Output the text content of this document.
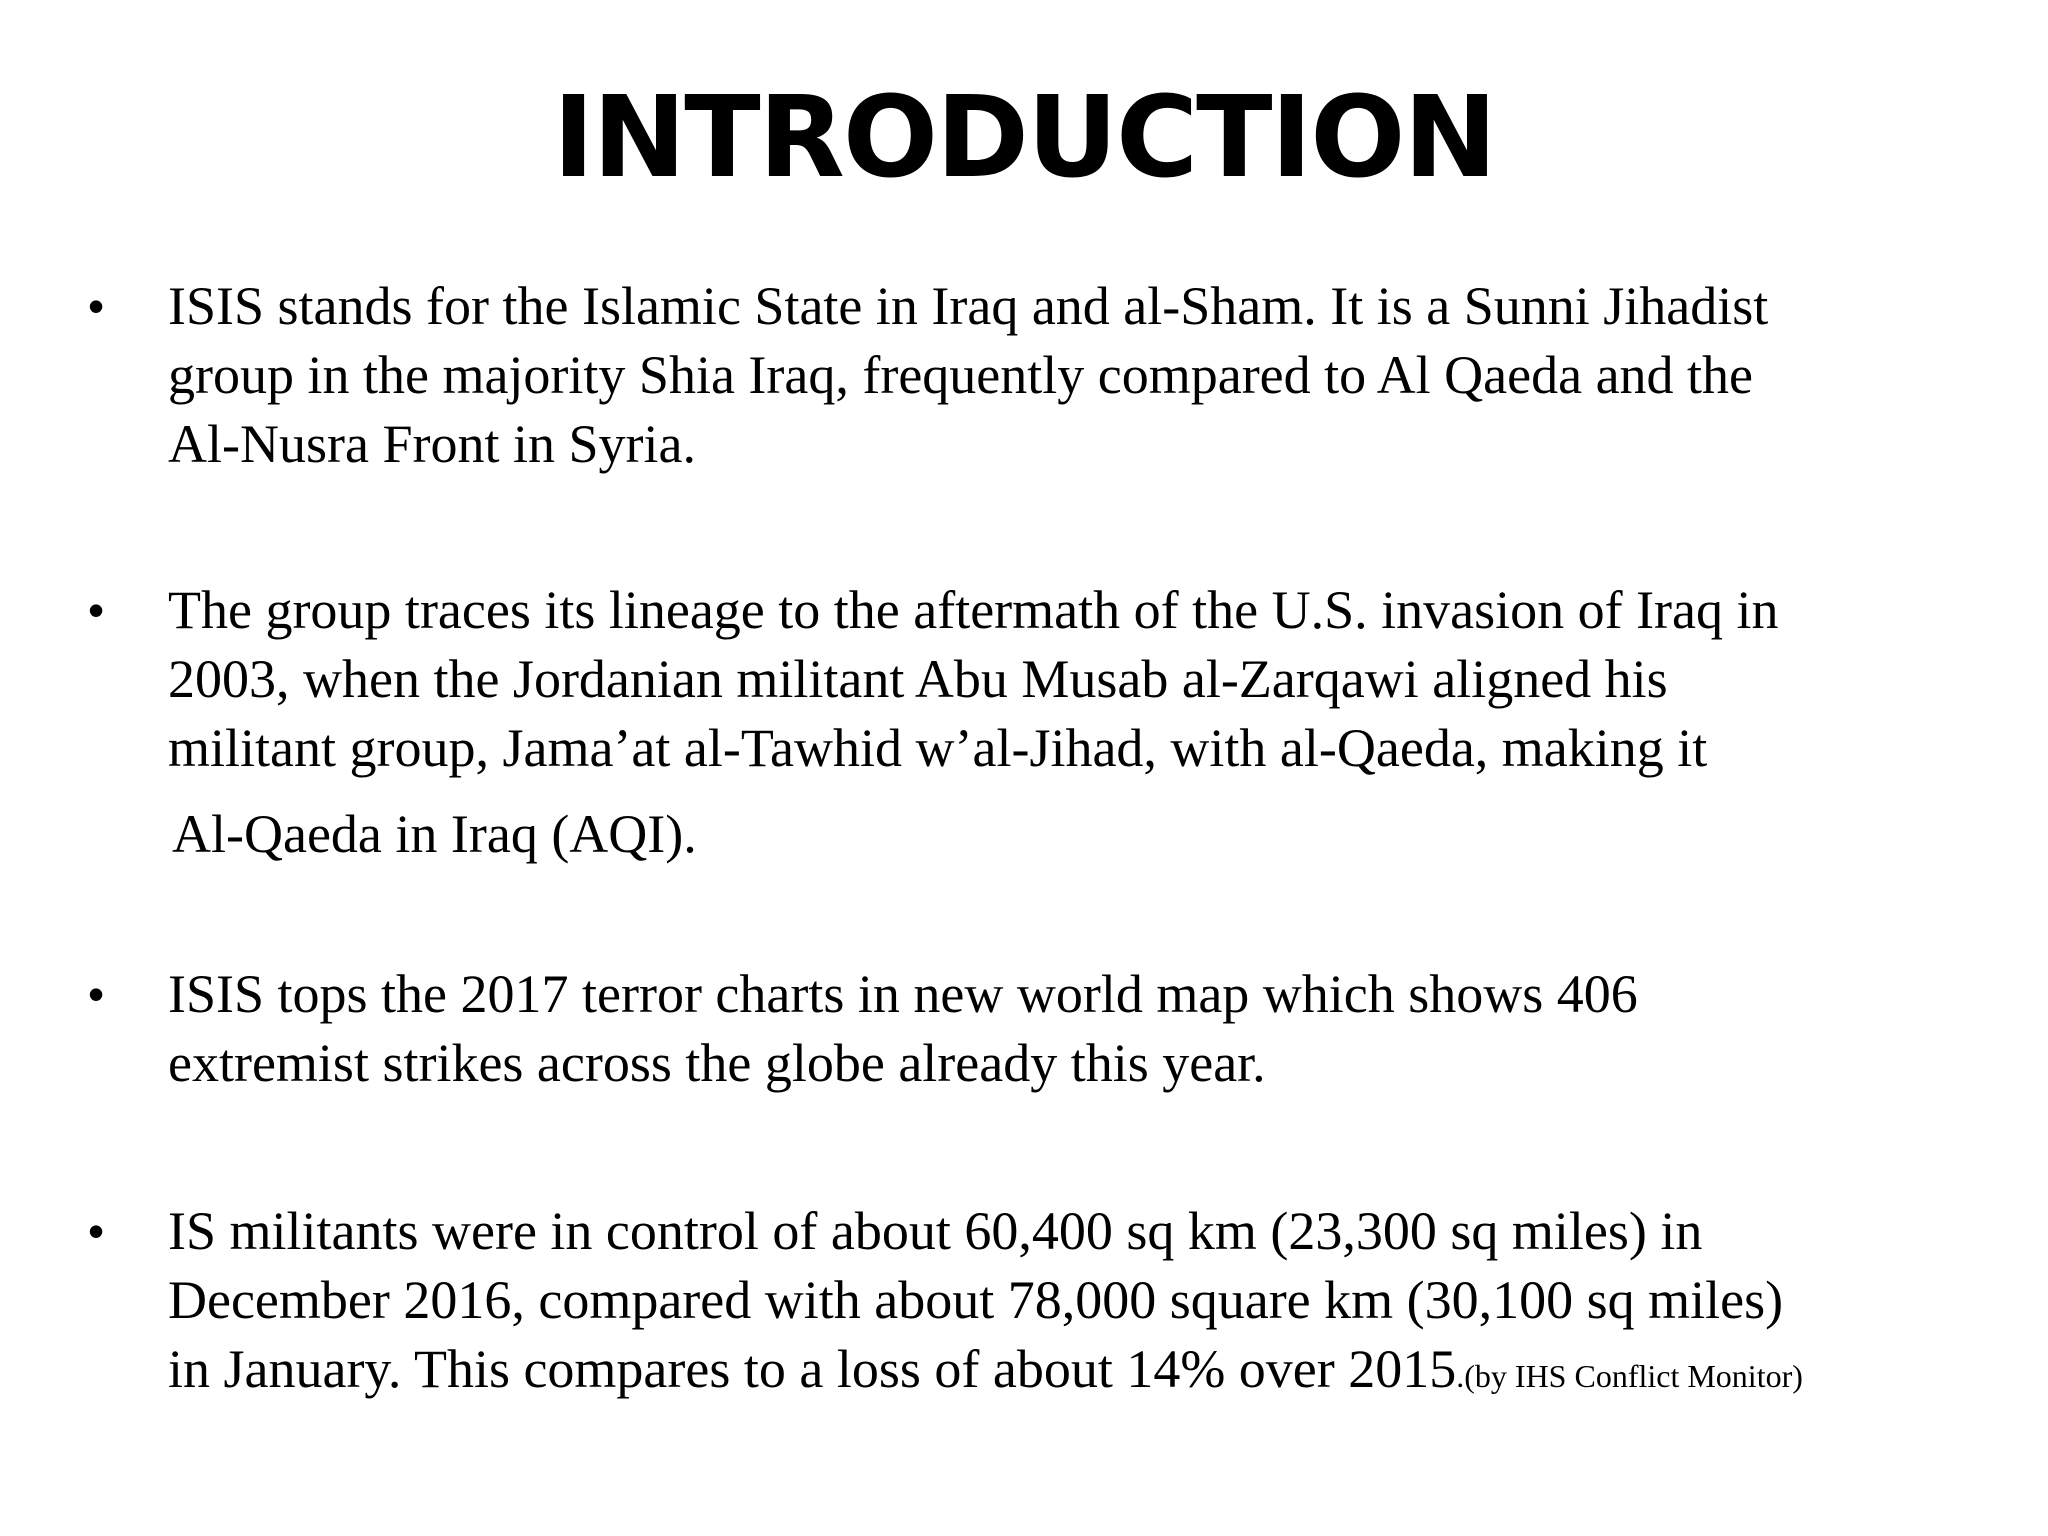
INTRODUCTION
•	ISIS stands for the Islamic State in Iraq and al-Sham. It is a Sunni Jihadist
group in the majority Shia Iraq, frequently compared to Al Qaeda and the
Al-Nusra Front in Syria.
•	The group traces its lineage to the aftermath of the U.S. invasion of Iraq in
2003, when the Jordanian militant Abu Musab al-Zarqawi aligned his
militant group, Jama’at al-Tawhid w’al-Jihad, with al-Qaeda, making it
Al-Qaeda in Iraq (AQI).
•	ISIS tops the 2017 terror charts in new world map which shows 406
extremist strikes across the globe already this year.
•	IS militants were in control of about 60,400 sq km (23,300 sq miles) in
December 2016, compared with about 78,000 square km (30,100 sq miles)
in January. This compares to a loss of about 14% over 2015.(by IHS Conflict Monitor)
